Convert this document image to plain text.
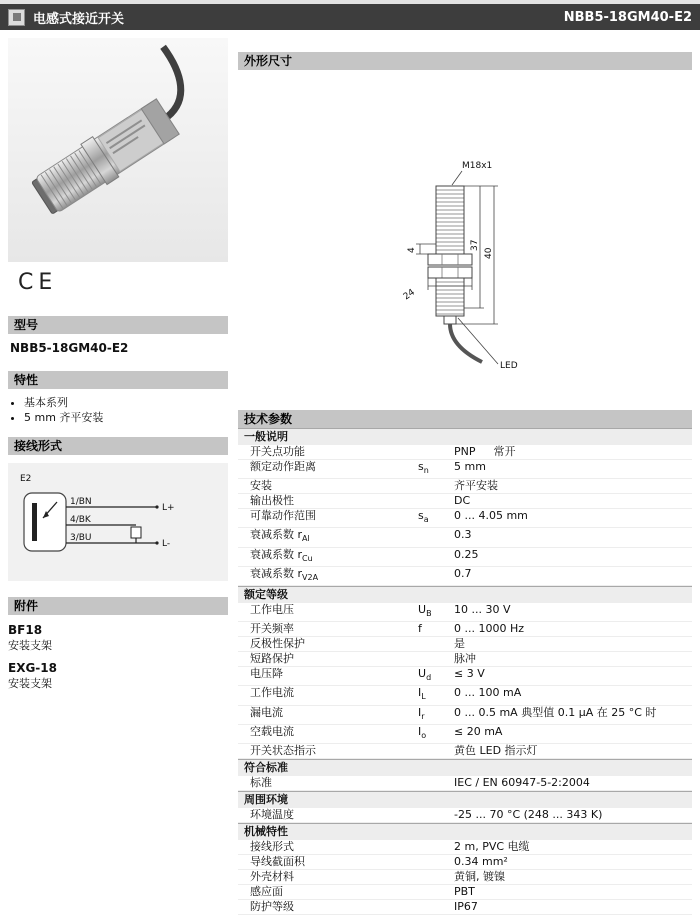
电感式接近开关	NBB5-18GM40-E2
CE
型号
NBB5-18GM40-E2
特性
• 基本系列
• 5 mm 齐平安装
接线形式
E2
1/BN
L+
4/BK
3/BU
L-
附件
BF18
安装支架
EXG-18
安装支架
外形尺寸
M18x1
4
24
37
40
LED
技术参数
一般说明
开关点功能	PNP 常开
额定动作距离	$s_n$	5 mm
安装	齐平安装
输出极性	DC
可靠动作范围	$s_a$	0 ... 4.05 mm
衰减系数 $r_{Al}$	0.3
衰减系数 $r_{Cu}$	0.25
衰减系数 $r_{V2A}$	0.7
额定等级
工作电压	$U_B$	10 ... 30 V
开关频率	f	0 ... 1000 Hz
反极性保护	是
短路保护	脉冲
电压降	$U_d$	≤ 3 V
工作电流	$I_L$	0 ... 100 mA
漏电流	$I_r$	0 ... 0.5 mA 典型值 0.1 μA 在 25 °C 时
空载电流	$I_o$	≤ 20 mA
开关状态指示	黄色 LED 指示灯
符合标准
标准	IEC / EN 60947-5-2:2004
周围环境
环境温度	-25 ... 70 °C (248 ... 343 K)
机械特性
接线形式	2 m, PVC 电缆
导线截面积	0.34 mm²
外壳材料	黄铜, 镀镍
感应面	PBT
防护等级	IP67
